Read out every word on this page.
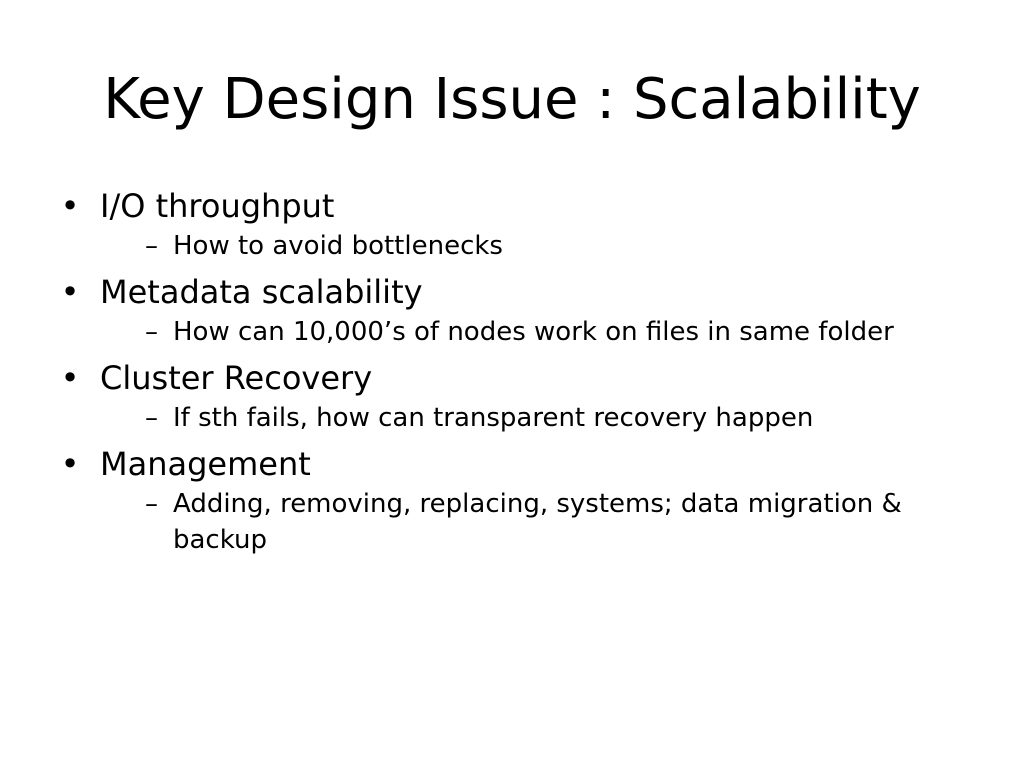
Key Design Issue : Scalability
• I/O throughput
– How to avoid bottlenecks
• Metadata scalability
– How can 10,000’s of nodes work on files in same folder
• Cluster Recovery
– If sth fails, how can transparent recovery happen
• Management
– Adding, removing, replacing, systems; data migration & backup
